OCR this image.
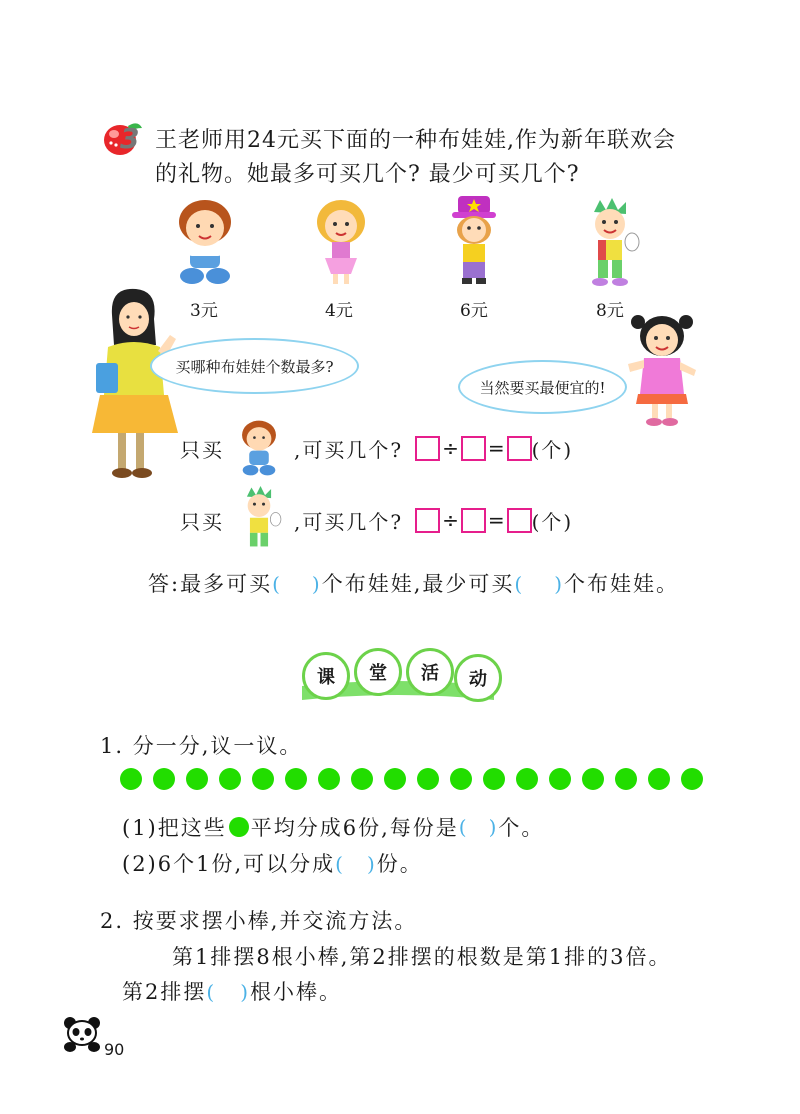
3 王老师用24元买下面的一种布娃娃,作为新年联欢会
的礼物。她最多可买几个? 最少可买几个?
3元	4元	6元	8元
买哪种布娃娃个数最多?
当然要买最便宜的!
只买	,可买几个? ÷ = (个)
只买	,可买几个? ÷ = (个)
答:最多可买( )个布娃娃,最少可买( )个布娃娃。
课	堂	活	动
1. 分一分,议一议。
(1)把这些 平均分成6份,每份是 ( ) 个。
(2)6个1份,可以分成( )份。
2. 按要求摆小棒,并交流方法。
第1排摆8根小棒,第2排摆的根数是第1排的3倍。
第2排摆( )根小棒。
90
